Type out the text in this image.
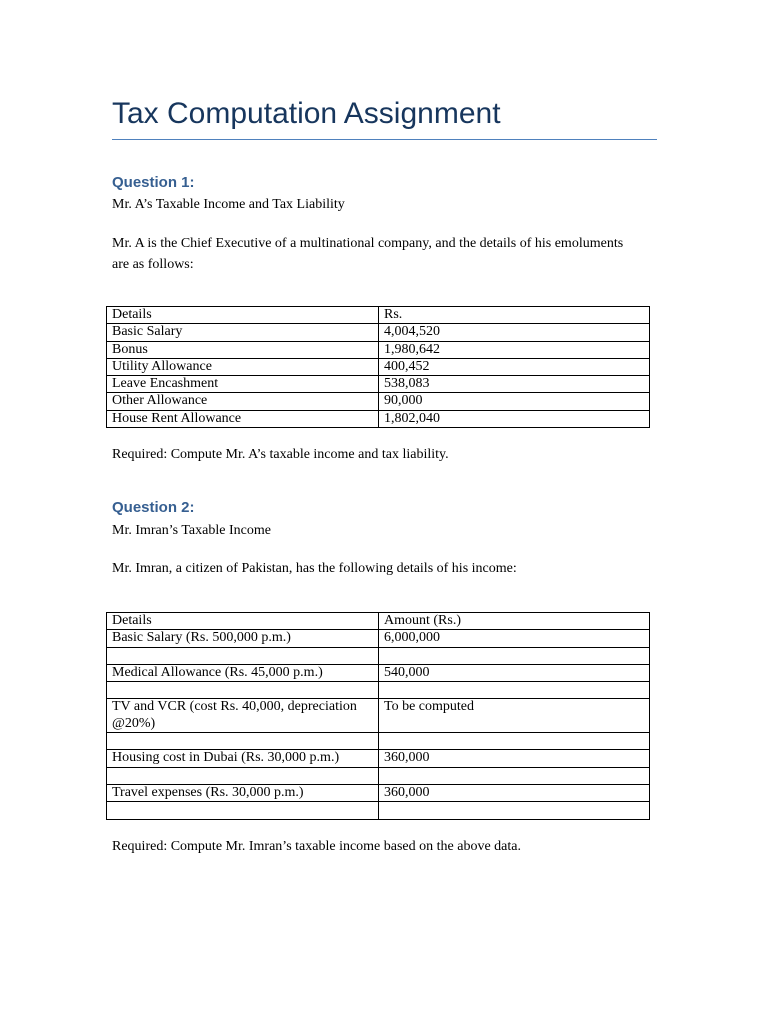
Tax Computation Assignment
Question 1:
Mr. A’s Taxable Income and Tax Liability
Mr. A is the Chief Executive of a multinational company, and the details of his emoluments
are as follows:
Details	Rs.
Basic Salary	4,004,520
Bonus	1,980,642
Utility Allowance	400,452
Leave Encashment	538,083
Other Allowance	90,000
House Rent Allowance	1,802,040
Required: Compute Mr. A’s taxable income and tax liability.
Question 2:
Mr. Imran’s Taxable Income
Mr. Imran, a citizen of Pakistan, has the following details of his income:
Details	Amount (Rs.)
Basic Salary (Rs. 500,000 p.m.)	6,000,000

Medical Allowance (Rs. 45,000 p.m.)	540,000

TV and VCR (cost Rs. 40,000, depreciation @20%)	To be computed

Housing cost in Dubai (Rs. 30,000 p.m.)	360,000

Travel expenses (Rs. 30,000 p.m.)	360,000

Required: Compute Mr. Imran’s taxable income based on the above data.
